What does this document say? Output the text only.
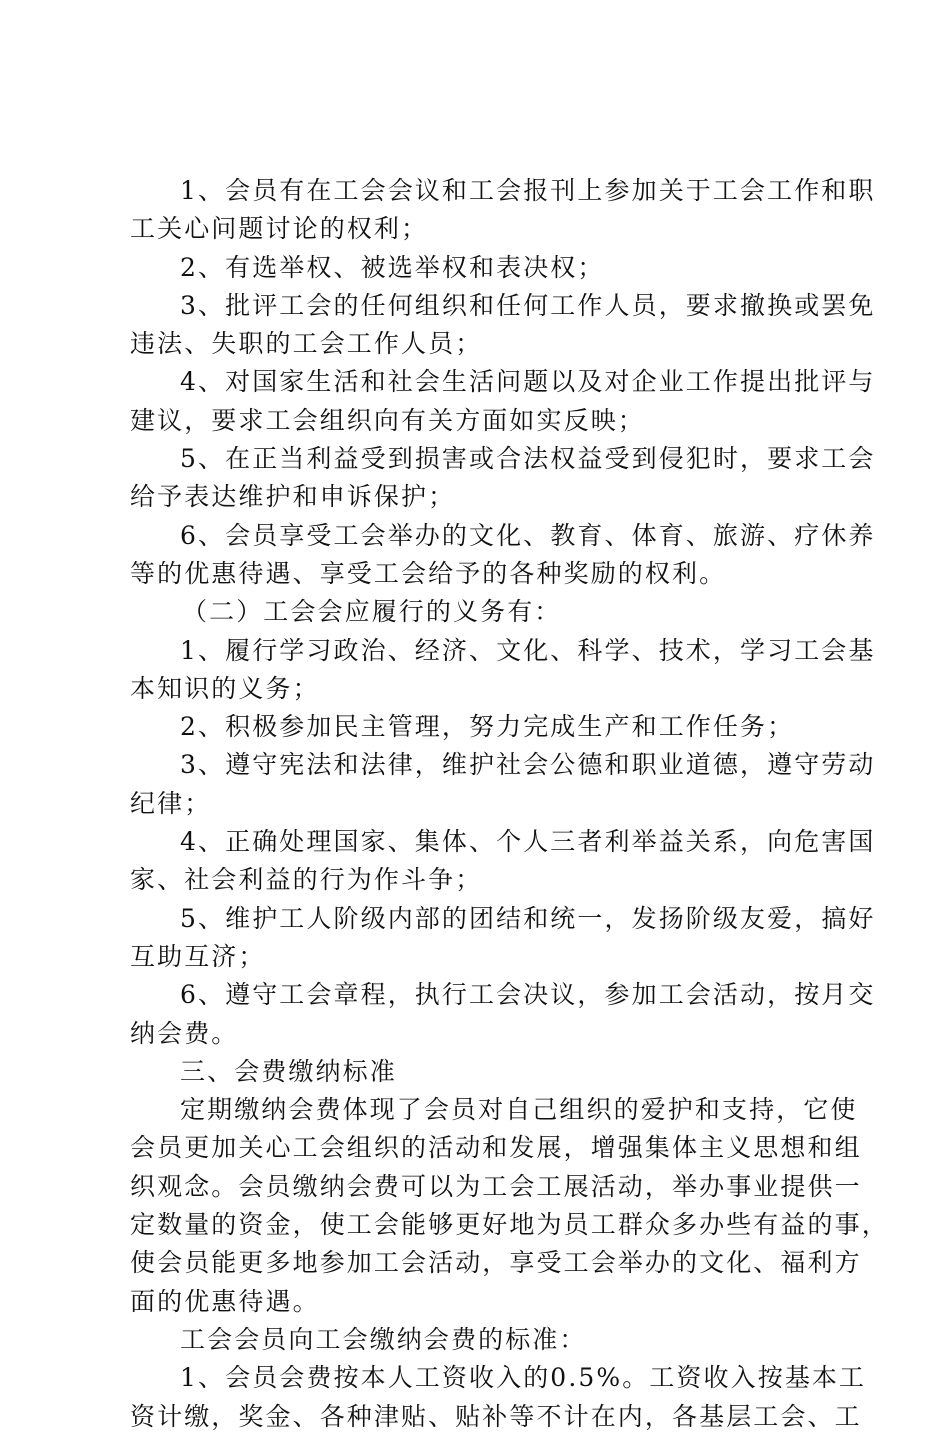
1、会员有在工会会议和工会报刊上参加关于工会工作和职
工关心问题讨论的权利；
2、有选举权、被选举权和表决权；
3、批评工会的任何组织和任何工作人员，要求撤换或罢免
违法、失职的工会工作人员；
4、对国家生活和社会生活问题以及对企业工作提出批评与
建议，要求工会组织向有关方面如实反映；
5、在正当利益受到损害或合法权益受到侵犯时，要求工会
给予表达维护和申诉保护；
6、会员享受工会举办的文化、教育、体育、旅游、疗休养
等的优惠待遇、享受工会给予的各种奖励的权利。
（二）工会会应履行的义务有：
1、履行学习政治、经济、文化、科学、技术，学习工会基
本知识的义务；
2、积极参加民主管理，努力完成生产和工作任务；
3、遵守宪法和法律，维护社会公德和职业道德，遵守劳动
纪律；
4、正确处理国家、集体、个人三者利举益关系，向危害国
家、社会利益的行为作斗争；
5、维护工人阶级内部的团结和统一，发扬阶级友爱，搞好
互助互济；
6、遵守工会章程，执行工会决议，参加工会活动，按月交
纳会费。
三、会费缴纳标准
定期缴纳会费体现了会员对自己组织的爱护和支持，它使
会员更加关心工会组织的活动和发展，增强集体主义思想和组
织观念。会员缴纳会费可以为工会工展活动，举办事业提供一
定数量的资金，使工会能够更好地为员工群众多办些有益的事，
使会员能更多地参加工会活动，享受工会举办的文化、福利方
面的优惠待遇。
工会会员向工会缴纳会费的标准：
1、会员会费按本人工资收入的0.5%。工资收入按基本工
资计缴，奖金、各种津贴、贴补等不计在内，各基层工会、工
